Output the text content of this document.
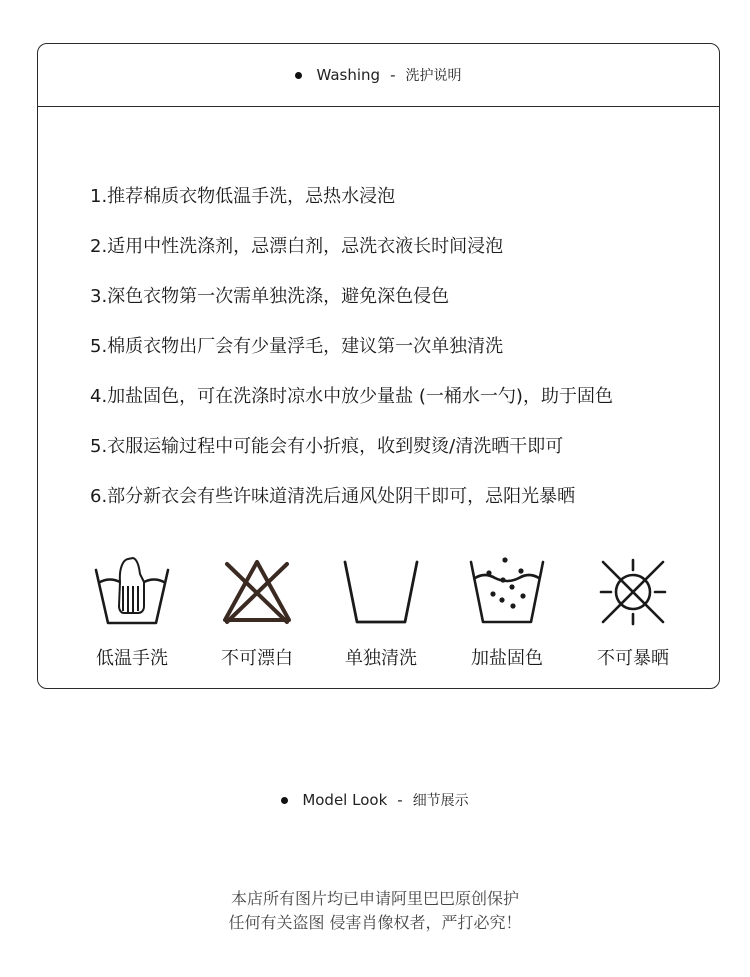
Washing - 洗护说明
1.推荐棉质衣物低温手洗，忌热水浸泡
2.适用中性洗涤剂，忌漂白剂，忌洗衣液长时间浸泡
3.深色衣物第一次需单独洗涤，避免深色侵色
5.棉质衣物出厂会有少量浮毛，建议第一次单独清洗
4.加盐固色，可在洗涤时凉水中放少量盐 (一桶水一勺)，助于固色
5.衣服运输过程中可能会有小折痕，收到熨烫/清洗晒干即可
6.部分新衣会有些许味道清洗后通风处阴干即可，忌阳光暴晒
低温手洗	不可漂白	单独清洗	加盐固色	不可暴晒
Model Look - 细节展示
本店所有图片均已申请阿里巴巴原创保护
任何有关盗图 侵害肖像权者，严打必究！
